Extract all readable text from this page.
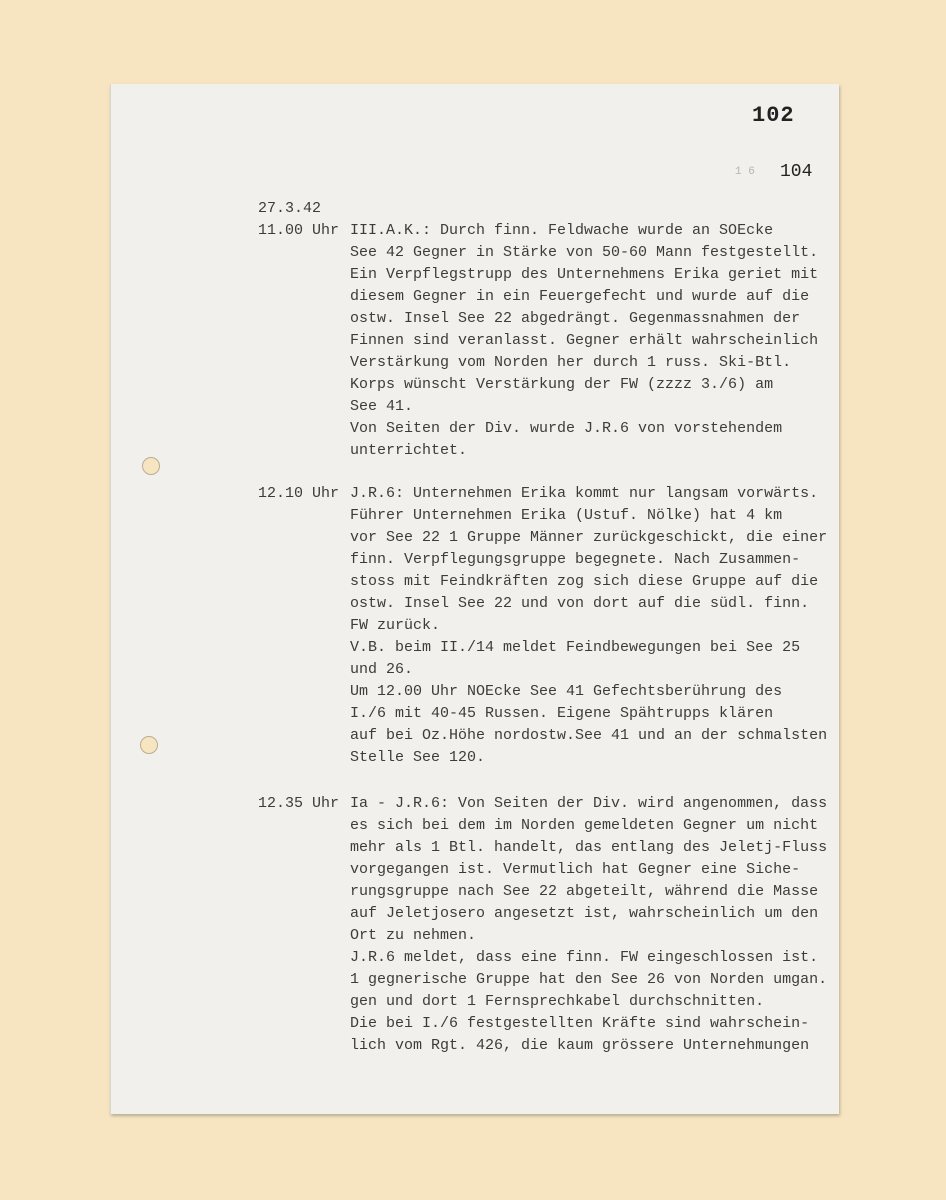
102
1 6 104
27.3.42
11.00 Uhr III.A.K.: Durch finn. Feldwache wurde an SOEcke
See 42 Gegner in Stärke von 50-60 Mann festgestellt.
Ein Verpflegstrupp des Unternehmens Erika geriet mit
diesem Gegner in ein Feuergefecht und wurde auf die
ostw. Insel See 22 abgedrängt. Gegenmassnahmen der
Finnen sind veranlasst. Gegner erhält wahrscheinlich
Verstärkung vom Norden her durch 1 russ. Ski-Btl.
Korps wünscht Verstärkung der FW (zzzz 3./6) am
See 41.
Von Seiten der Div. wurde J.R.6 von vorstehendem
unterrichtet.
12.10 Uhr J.R.6: Unternehmen Erika kommt nur langsam vorwärts.
Führer Unternehmen Erika (Ustuf. Nölke) hat 4 km
vor See 22 1 Gruppe Männer zurückgeschickt, die einer
finn. Verpflegungsgruppe begegnete. Nach Zusammen-
stoss mit Feindkräften zog sich diese Gruppe auf die
ostw. Insel See 22 und von dort auf die südl. finn.
FW zurück.
V.B. beim II./14 meldet Feindbewegungen bei See 25
und 26.
Um 12.00 Uhr NOEcke See 41 Gefechtsberührung des
I./6 mit 40-45 Russen. Eigene Spähtrupps klären
auf bei Oz.Höhe nordostw.See 41 und an der schmalsten
Stelle See 120.
12.35 Uhr Ia - J.R.6: Von Seiten der Div. wird angenommen, dass
es sich bei dem im Norden gemeldeten Gegner um nicht
mehr als 1 Btl. handelt, das entlang des Jeletj-Fluss
vorgegangen ist. Vermutlich hat Gegner eine Siche-
rungsgruppe nach See 22 abgeteilt, während die Masse
auf Jeletjosero angesetzt ist, wahrscheinlich um den
Ort zu nehmen.
J.R.6 meldet, dass eine finn. FW eingeschlossen ist.
1 gegnerische Gruppe hat den See 26 von Norden umgan.
gen und dort 1 Fernsprechkabel durchschnitten.
Die bei I./6 festgestellten Kräfte sind wahrschein-
lich vom Rgt. 426, die kaum grössere Unternehmungen
